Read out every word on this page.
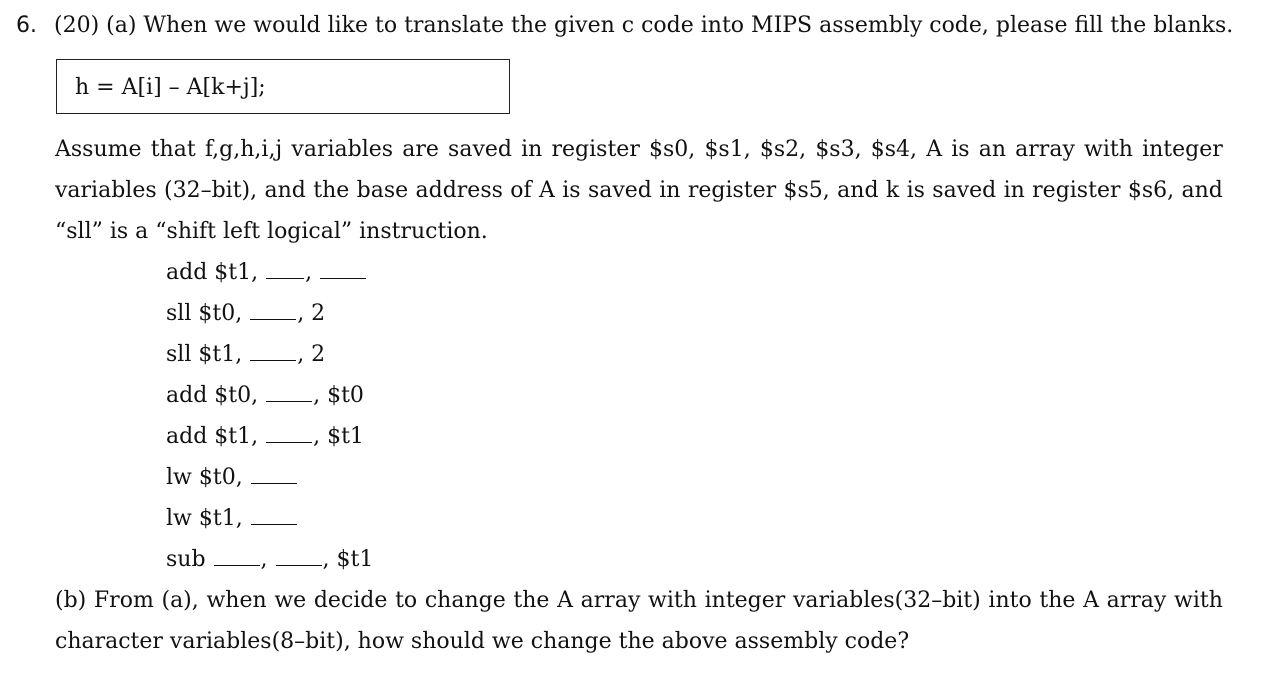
6. (20) (a) When we would like to translate the given c code into MIPS assembly code, please fill the blanks.
h = A[i] – A[k+j];
Assume that f,g,h,i,j variables are saved in register $s0, $s1, $s2, $s3, $s4, A is an array with integer
variables (32–bit), and the base address of A is saved in register $s5, and k is saved in register $s6, and
“sll” is a “shift left logical” instruction.
add $t1, ,
sll $t0,	, 2
sll $t1,	, 2
add $t0,	, $t0
add $t1,	, $t1
lw $t0,
lw $t1,
sub	, , $t1
(b) From (a), when we decide to change the A array with integer variables(32–bit) into the A array with
character variables(8–bit), how should we change the above assembly code?
